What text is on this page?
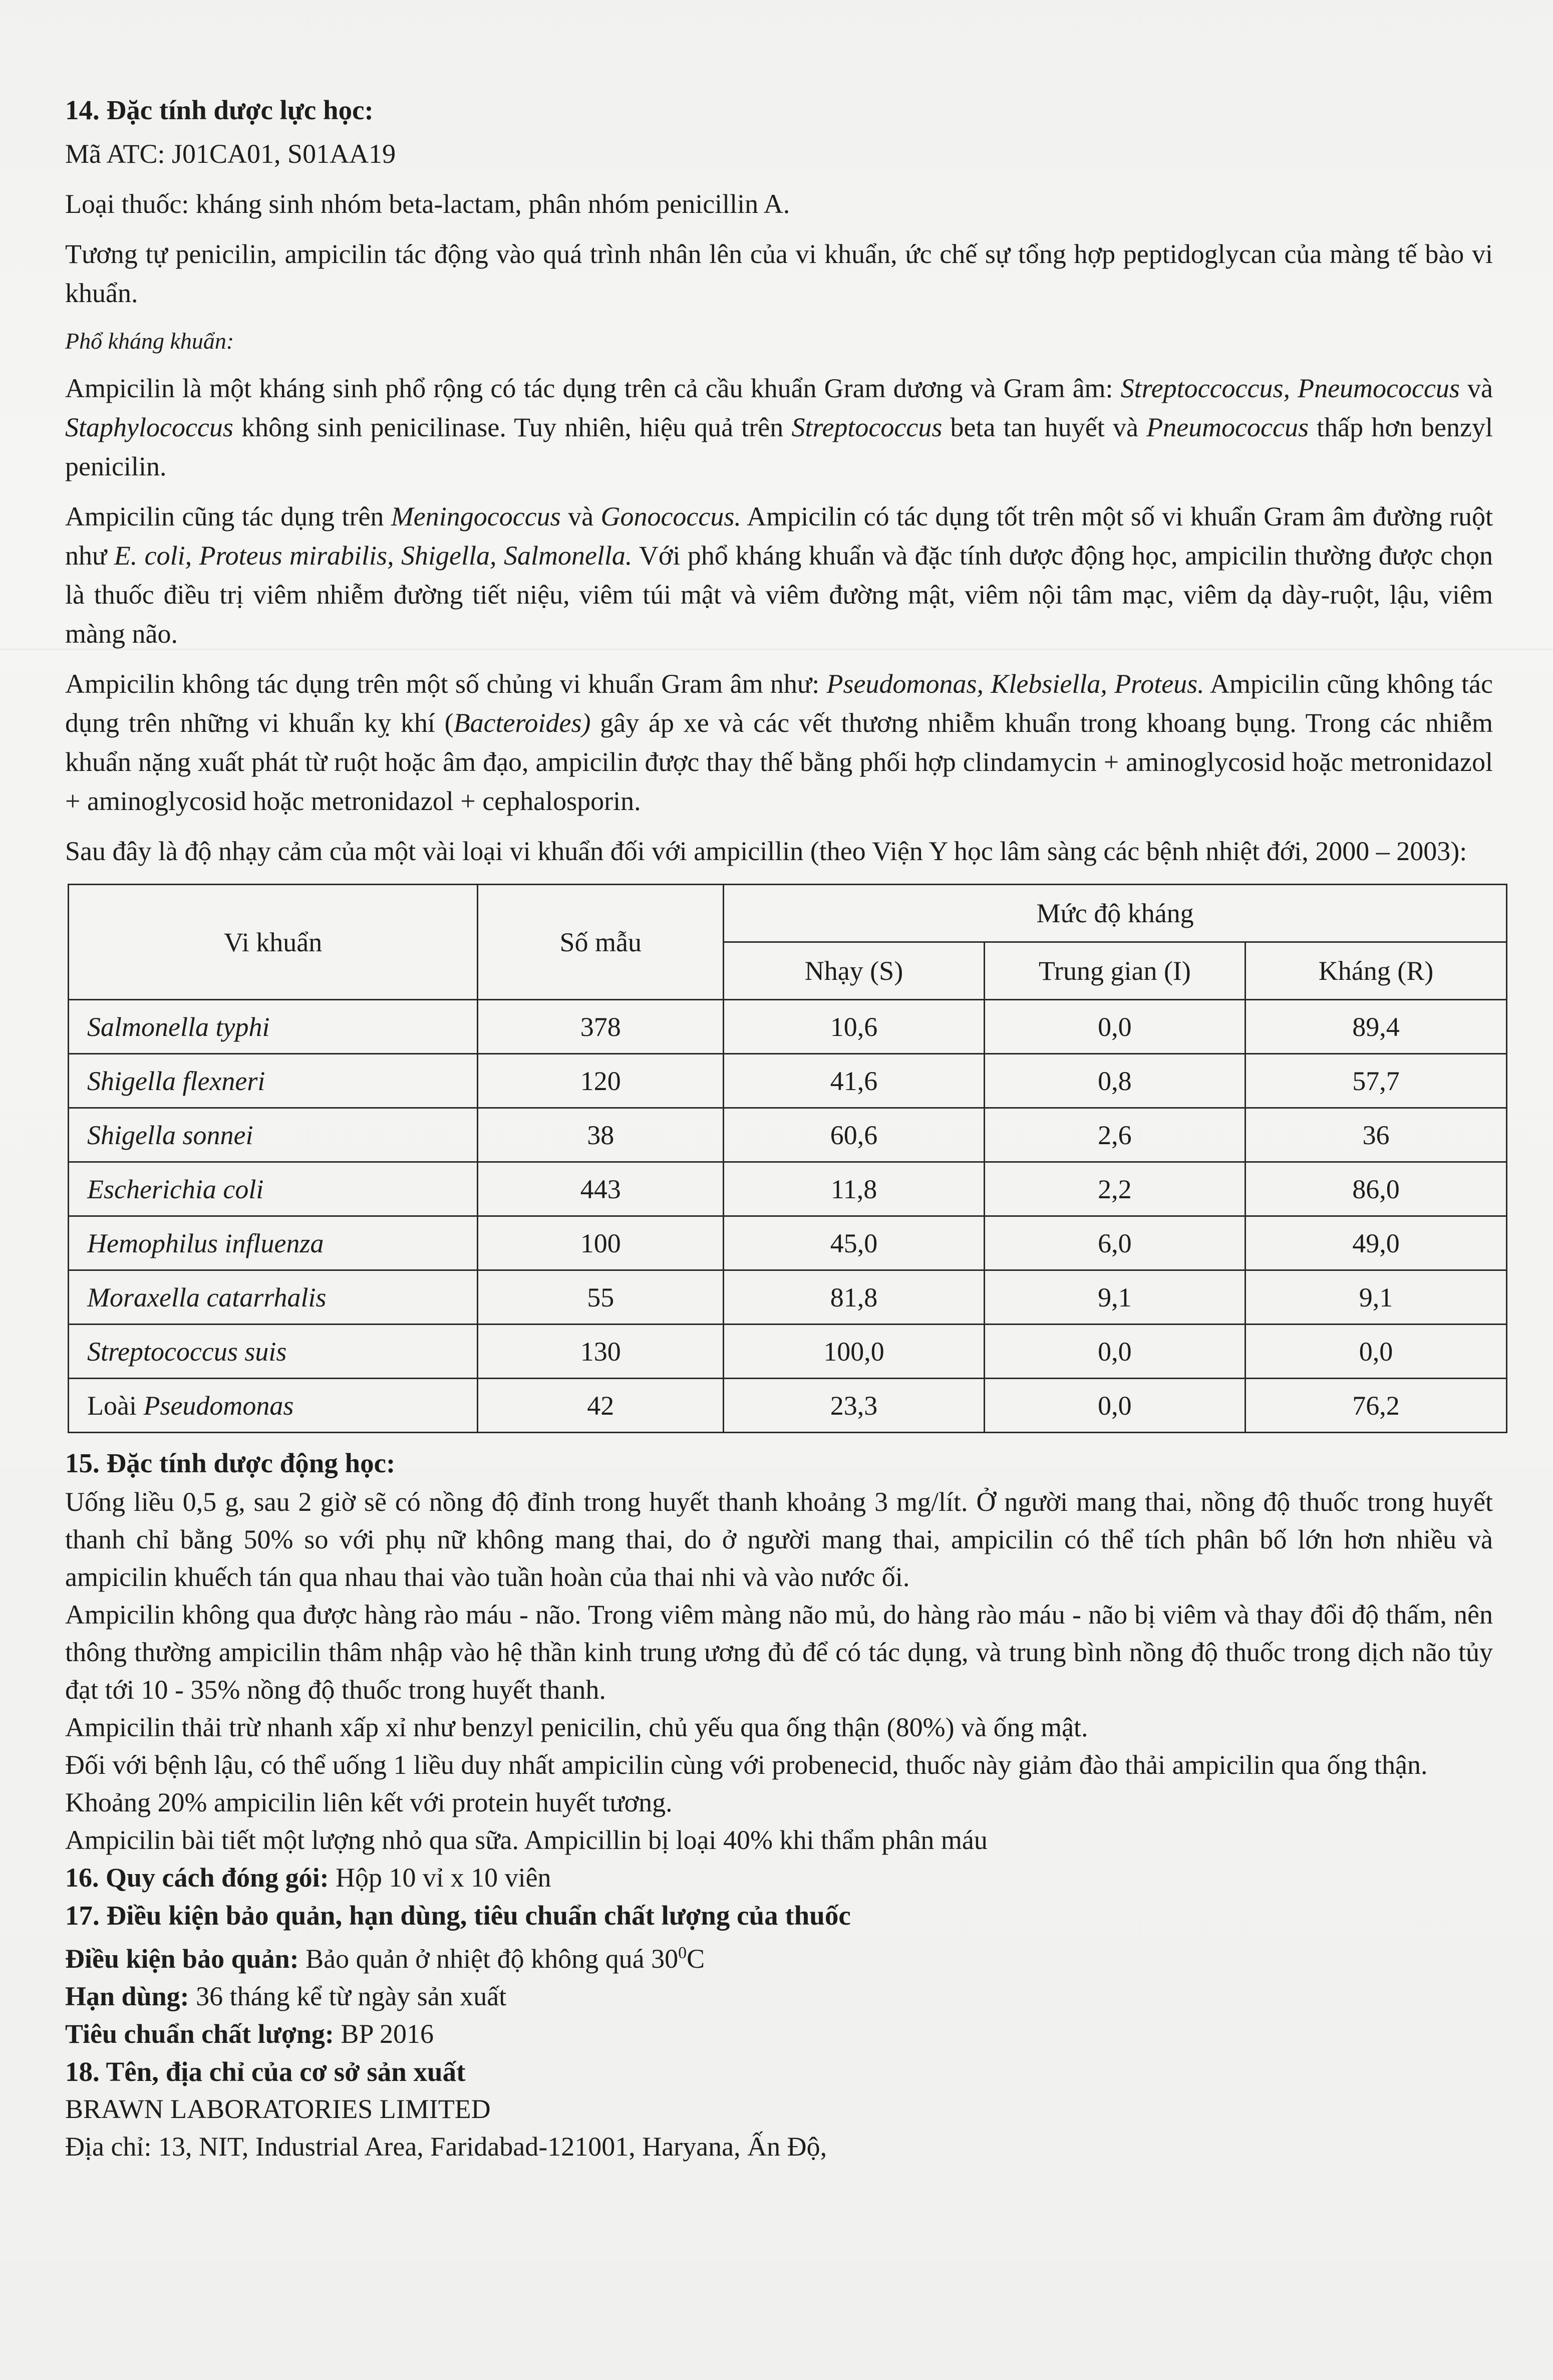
14. Đặc tính dược lực học:

Mã ATC: J01CA01, S01AA19

Loại thuốc: kháng sinh nhóm beta-lactam, phân nhóm penicillin A.

Tương tự penicilin, ampicilin tác động vào quá trình nhân lên của vi khuẩn, ức chế sự tổng hợp peptidoglycan của màng tế bào vi khuẩn.

Phổ kháng khuẩn:

Ampicilin là một kháng sinh phổ rộng có tác dụng trên cả cầu khuẩn Gram dương và Gram âm: Streptoccoccus, Pneumococcus và Staphylococcus không sinh penicilinase. Tuy nhiên, hiệu quả trên Streptococcus beta tan huyết và Pneumococcus thấp hơn benzyl penicilin.

Ampicilin cũng tác dụng trên Meningococcus và Gonococcus. Ampicilin có tác dụng tốt trên một số vi khuẩn Gram âm đường ruột như E. coli, Proteus mirabilis, Shigella, Salmonella. Với phổ kháng khuẩn và đặc tính dược động học, ampicilin thường được chọn là thuốc điều trị viêm nhiễm đường tiết niệu, viêm túi mật và viêm đường mật, viêm nội tâm mạc, viêm dạ dày-ruột, lậu, viêm màng não.

Ampicilin không tác dụng trên một số chủng vi khuẩn Gram âm như: Pseudomonas, Klebsiella, Proteus. Ampicilin cũng không tác dụng trên những vi khuẩn kỵ khí (Bacteroides) gây áp xe và các vết thương nhiễm khuẩn trong khoang bụng. Trong các nhiễm khuẩn nặng xuất phát từ ruột hoặc âm đạo, ampicilin được thay thế bằng phối hợp clindamycin + aminoglycosid hoặc metronidazol + aminoglycosid hoặc metronidazol + cephalosporin.

Sau đây là độ nhạy cảm của một vài loại vi khuẩn đối với ampicillin (theo Viện Y học lâm sàng các bệnh nhiệt đới, 2000 – 2003):

Vi khuẩn	Số mẫu	Mức độ kháng		
		Nhạy (S)	Trung gian (I)	Kháng (R)
Salmonella typhi	378	10,6	0,0	89,4
Shigella flexneri	120	41,6	0,8	57,7
Shigella sonnei	38	60,6	2,6	36
Escherichia coli	443	11,8	2,2	86,0
Hemophilus influenza	100	45,0	6,0	49,0
Moraxella catarrhalis	55	81,8	9,1	9,1
Streptococcus suis	130	100,0	0,0	0,0
Loài Pseudomonas	42	23,3	0,0	76,2
15. Đặc tính dược động học:

Uống liều 0,5 g, sau 2 giờ sẽ có nồng độ đỉnh trong huyết thanh khoảng 3 mg/lít. Ở người mang thai, nồng độ thuốc trong huyết thanh chỉ bằng 50% so với phụ nữ không mang thai, do ở người mang thai, ampicilin có thể tích phân bố lớn hơn nhiều và ampicilin khuếch tán qua nhau thai vào tuần hoàn của thai nhi và vào nước ối.

Ampicilin không qua được hàng rào máu - não. Trong viêm màng não mủ, do hàng rào máu - não bị viêm và thay đổi độ thấm, nên thông thường ampicilin thâm nhập vào hệ thần kinh trung ương đủ để có tác dụng, và trung bình nồng độ thuốc trong dịch não tủy đạt tới 10 - 35% nồng độ thuốc trong huyết thanh.

Ampicilin thải trừ nhanh xấp xỉ như benzyl penicilin, chủ yếu qua ống thận (80%) và ống mật.

Đối với bệnh lậu, có thể uống 1 liều duy nhất ampicilin cùng với probenecid, thuốc này giảm đào thải ampicilin qua ống thận.

Khoảng 20% ampicilin liên kết với protein huyết tương.

Ampicilin bài tiết một lượng nhỏ qua sữa. Ampicillin bị loại 40% khi thẩm phân máu

16. Quy cách đóng gói: Hộp 10 vỉ x 10 viên

17. Điều kiện bảo quản, hạn dùng, tiêu chuẩn chất lượng của thuốc

Điều kiện bảo quản: Bảo quản ở nhiệt độ không quá $30^0C$

Hạn dùng: 36 tháng kể từ ngày sản xuất

Tiêu chuẩn chất lượng: BP 2016

18. Tên, địa chỉ của cơ sở sản xuất

BRAWN LABORATORIES LIMITED

Địa chỉ: 13, NIT, Industrial Area, Faridabad-121001, Haryana, Ấn Độ,
